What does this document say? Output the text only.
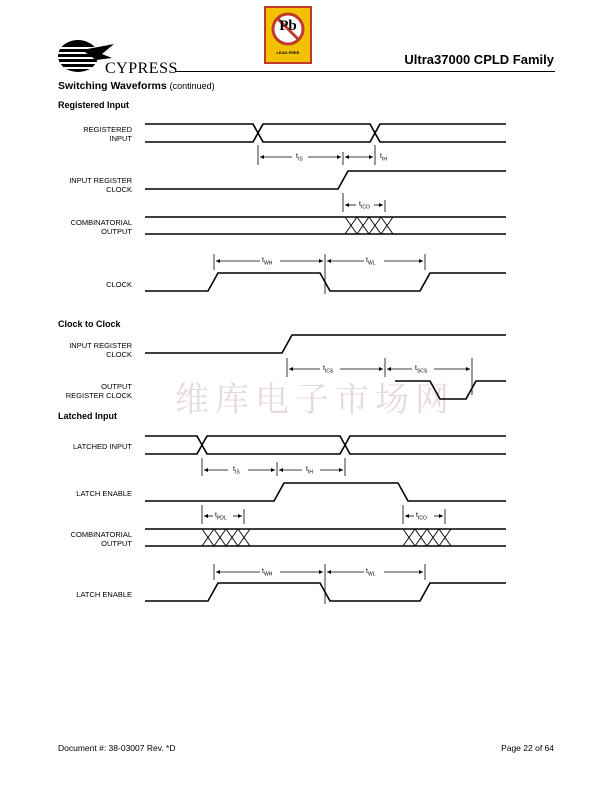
CYPRESS
Ultra37000 CPLD Family
Pb
LEAD-FREE
Switching Waveforms (continued)
Registered Input
Clock to Clock
Latched Input
REGISTERED
INPUT
INPUT REGISTER
CLOCK
COMBINATORIAL
OUTPUT
CLOCK
INPUT REGISTER
CLOCK
OUTPUT
REGISTER CLOCK
LATCHED INPUT
LATCH ENABLE
COMBINATORIAL
OUTPUT
LATCH ENABLE
维库电子市场网
$t_{IS}$	$t_{IH}$
$t_{ICO}$
$t_{WH}$	$t_{WL}$
$t_{ICS}$	$t_{SCS}$
$t_{IS}$	$t_{IH}$
$t_{PDL}$	$t_{ICO}$
$t_{WH}$	$t_{WL}$
Document #: 38-03007 Rev. *D	Page 22 of 64
